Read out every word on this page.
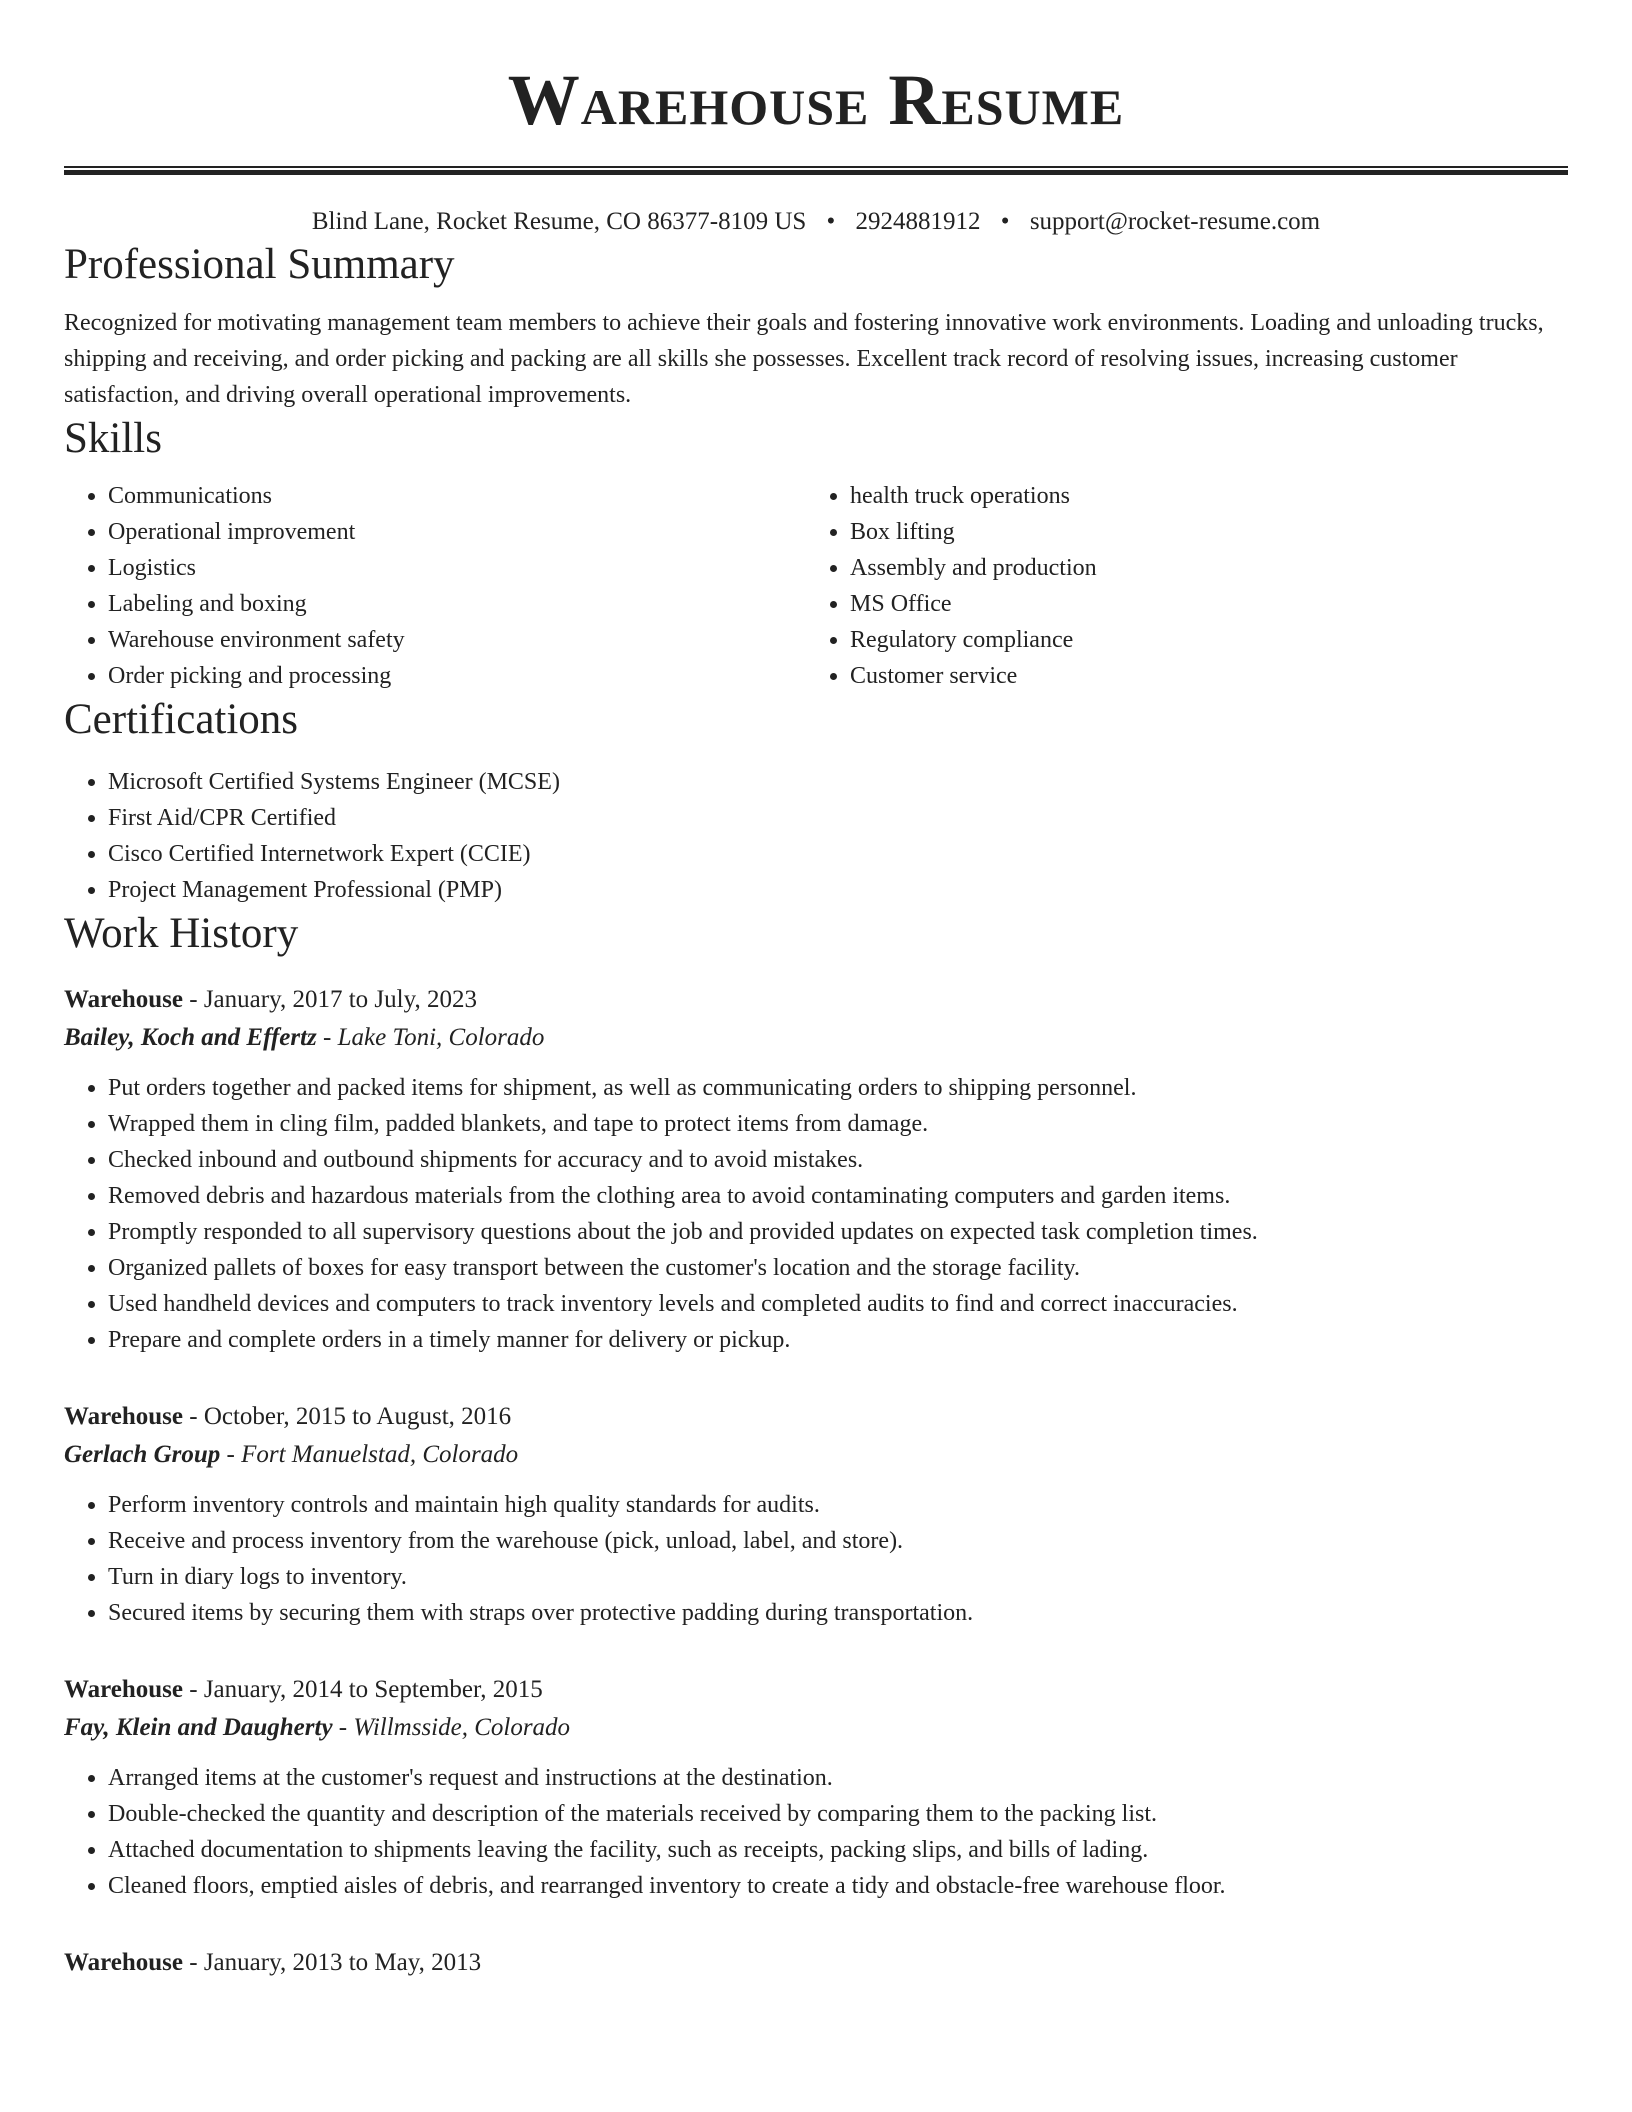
Warehouse Resume
Blind Lane, Rocket Resume, CO 86377-8109 US • 2924881912 • support@rocket-resume.com
Professional Summary
Recognized for motivating management team members to achieve their goals and fostering innovative work environments. Loading and unloading trucks, shipping and receiving, and order picking and packing are all skills she possesses. Excellent track record of resolving issues, increasing customer satisfaction, and driving overall operational improvements.
Skills
• Communications
• Operational improvement
• Logistics
• Labeling and boxing
• Warehouse environment safety
• Order picking and processing
• health truck operations
• Box lifting
• Assembly and production
• MS Office
• Regulatory compliance
• Customer service
Certifications
• Microsoft Certified Systems Engineer (MCSE)
• First Aid/CPR Certified
• Cisco Certified Internetwork Expert (CCIE)
• Project Management Professional (PMP)
Work History
Warehouse - January, 2017 to July, 2023
Bailey, Koch and Effertz - Lake Toni, Colorado
• Put orders together and packed items for shipment, as well as communicating orders to shipping personnel.
• Wrapped them in cling film, padded blankets, and tape to protect items from damage.
• Checked inbound and outbound shipments for accuracy and to avoid mistakes.
• Removed debris and hazardous materials from the clothing area to avoid contaminating computers and garden items.
• Promptly responded to all supervisory questions about the job and provided updates on expected task completion times.
• Organized pallets of boxes for easy transport between the customer's location and the storage facility.
• Used handheld devices and computers to track inventory levels and completed audits to find and correct inaccuracies.
• Prepare and complete orders in a timely manner for delivery or pickup.
Warehouse - October, 2015 to August, 2016
Gerlach Group - Fort Manuelstad, Colorado
• Perform inventory controls and maintain high quality standards for audits.
• Receive and process inventory from the warehouse (pick, unload, label, and store).
• Turn in diary logs to inventory.
• Secured items by securing them with straps over protective padding during transportation.
Warehouse - January, 2014 to September, 2015
Fay, Klein and Daugherty - Willmsside, Colorado
• Arranged items at the customer's request and instructions at the destination.
• Double-checked the quantity and description of the materials received by comparing them to the packing list.
• Attached documentation to shipments leaving the facility, such as receipts, packing slips, and bills of lading.
• Cleaned floors, emptied aisles of debris, and rearranged inventory to create a tidy and obstacle-free warehouse floor.
Warehouse - January, 2013 to May, 2013
